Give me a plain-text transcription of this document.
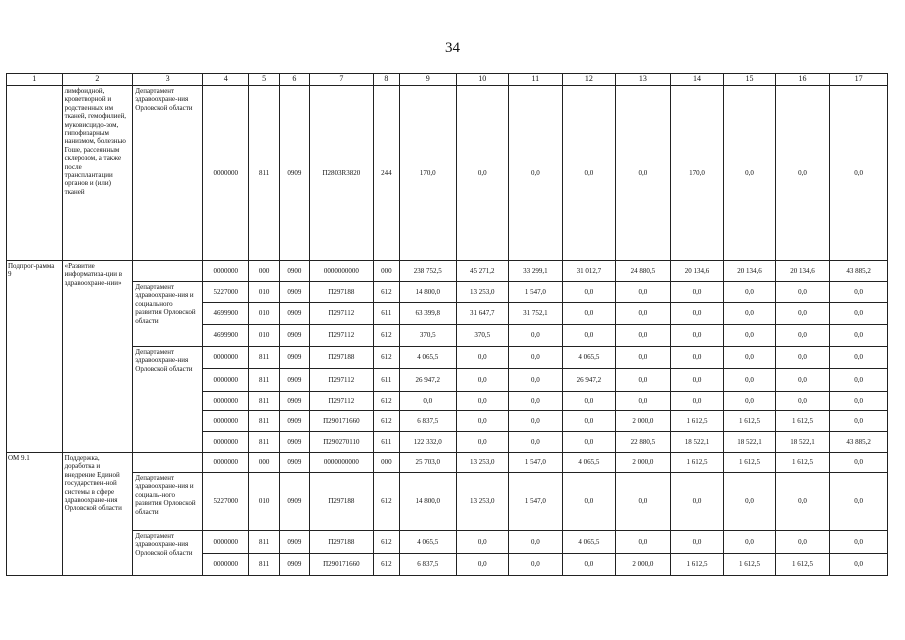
34
1	2	3	4	5	6	7	8	9	10	11	12	13	14	15	16	17
	лимфоидной, кроветворной и родственных им тканей, гемофилией, муковисцидо-зом, гипофизарным нанизмом, болезнью Гоше, рассеянным склерозом, а также после трансплантации органов и (или) тканей	Департамент здравоохране-ния Орловской области	0000000	811	0909	П2803R3820	244	170,0	0,0	0,0	0,0	0,0	170,0	0,0	0,0	0,0
Подпрог-рамма 9	«Развитие информатиза-ции в здравоохране-нии»		0000000	000	0900	0000000000	000	238 752,5	45 271,2	33 299,1	31 012,7	24 880,5	20 134,6	20 134,6	20 134,6	43 885,2
		Департамент здравоохране-ния и социального развития Орловской области	5227000	010	0909	П297188	612	14 800,0	13 253,0	1 547,0	0,0	0,0	0,0	0,0	0,0	0,0
			4699900	010	0909	П297112	611	63 399,8	31 647,7	31 752,1	0,0	0,0	0,0	0,0	0,0	0,0
			4699900	010	0909	П297112	612	370,5	370,5	0,0	0,0	0,0	0,0	0,0	0,0	0,0
		Департамент здравоохране-ния Орловской области	0000000	811	0909	П297188	612	4 065,5	0,0	0,0	4 065,5	0,0	0,0	0,0	0,0	0,0
			0000000	811	0909	П297112	611	26 947,2	0,0	0,0	26 947,2	0,0	0,0	0,0	0,0	0,0
			0000000	811	0909	П297112	612	0,0	0,0	0,0	0,0	0,0	0,0	0,0	0,0	0,0
			0000000	811	0909	П290171660	612	6 837,5	0,0	0,0	0,0	2 000,0	1 612,5	1 612,5	1 612,5	0,0
			0000000	811	0909	П290270110	611	122 332,0	0,0	0,0	0,0	22 880,5	18 522,1	18 522,1	18 522,1	43 885,2
ОМ 9.1	Поддержка, доработка и внедрение Единой государствен-ной системы в сфере здравоохране-ния Орловской области		0000000	000	0909	0000000000	000	25 703,0	13 253,0	1 547,0	4 065,5	2 000,0	1 612,5	1 612,5	1 612,5	0,0
		Департамент здравоохране-ния и социаль-ного развития Орловской области	5227000	010	0909	П297188	612	14 800,0	13 253,0	1 547,0	0,0	0,0	0,0	0,0	0,0	0,0
		Департамент здравоохране-ния Орловской области	0000000	811	0909	П297188	612	4 065,5	0,0	0,0	4 065,5	0,0	0,0	0,0	0,0	0,0
			0000000	811	0909	П290171660	612	6 837,5	0,0	0,0	0,0	2 000,0	1 612,5	1 612,5	1 612,5	0,0
